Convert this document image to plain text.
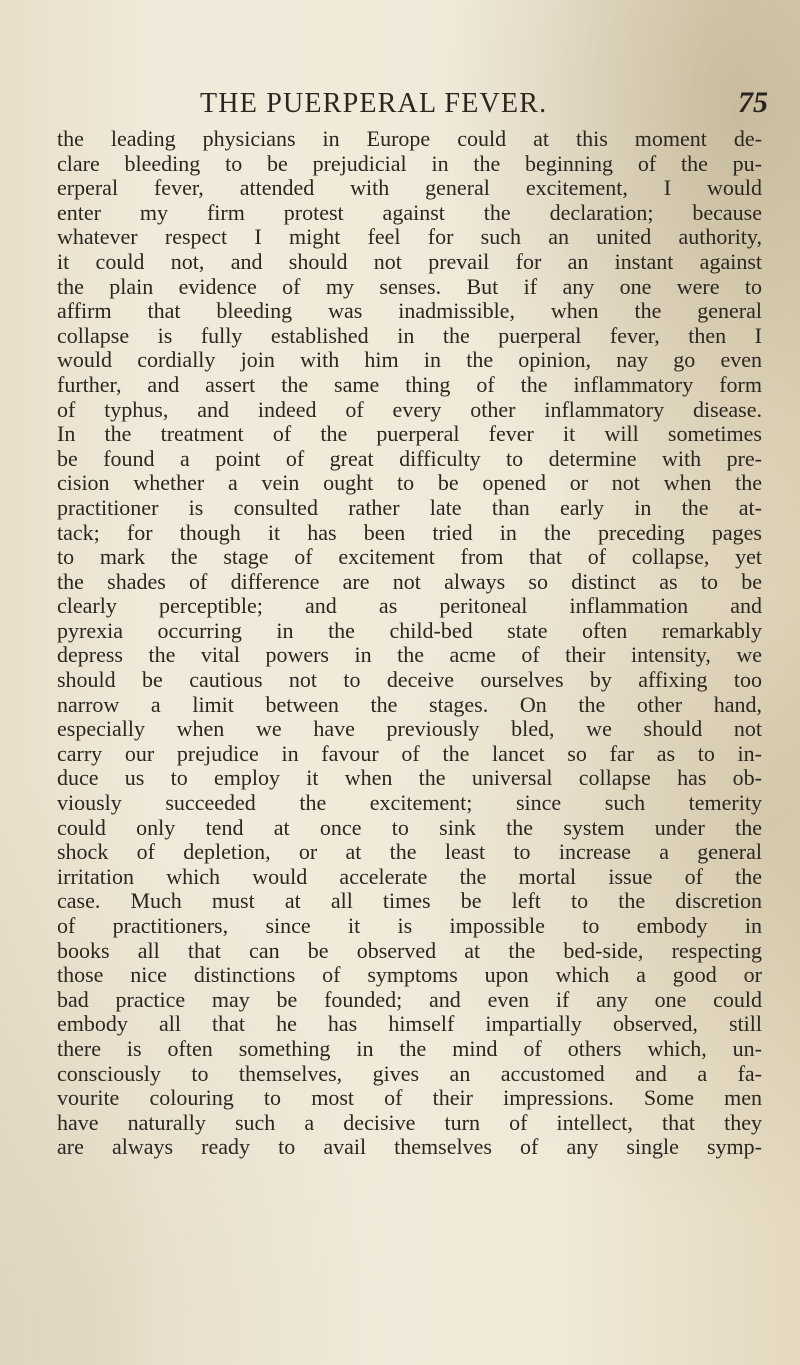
THE PUERPERAL FEVER.	75
the leading physicians in Europe could at this moment de-
clare bleeding to be prejudicial in the beginning of the pu-
erperal fever, attended with general excitement, I would
enter my firm protest against the declaration; because
whatever respect I might feel for such an united authority,
it could not, and should not prevail for an instant against
the plain evidence of my senses. But if any one were to
affirm that bleeding was inadmissible, when the general
collapse is fully established in the puerperal fever, then I
would cordially join with him in the opinion, nay go even
further, and assert the same thing of the inflammatory form
of typhus, and indeed of every other inflammatory disease.
In the treatment of the puerperal fever it will sometimes
be found a point of great difficulty to determine with pre-
cision whether a vein ought to be opened or not when the
practitioner is consulted rather late than early in the at-
tack; for though it has been tried in the preceding pages
to mark the stage of excitement from that of collapse, yet
the shades of difference are not always so distinct as to be
clearly perceptible; and as peritoneal inflammation and
pyrexia occurring in the child-bed state often remarkably
depress the vital powers in the acme of their intensity, we
should be cautious not to deceive ourselves by affixing too
narrow a limit between the stages. On the other hand,
especially when we have previously bled, we should not
carry our prejudice in favour of the lancet so far as to in-
duce us to employ it when the universal collapse has ob-
viously succeeded the excitement; since such temerity
could only tend at once to sink the system under the
shock of depletion, or at the least to increase a general
irritation which would accelerate the mortal issue of the
case. Much must at all times be left to the discretion
of practitioners, since it is impossible to embody in
books all that can be observed at the bed-side, respecting
those nice distinctions of symptoms upon which a good or
bad practice may be founded; and even if any one could
embody all that he has himself impartially observed, still
there is often something in the mind of others which, un-
consciously to themselves, gives an accustomed and a fa-
vourite colouring to most of their impressions. Some men
have naturally such a decisive turn of intellect, that they
are always ready to avail themselves of any single symp-
